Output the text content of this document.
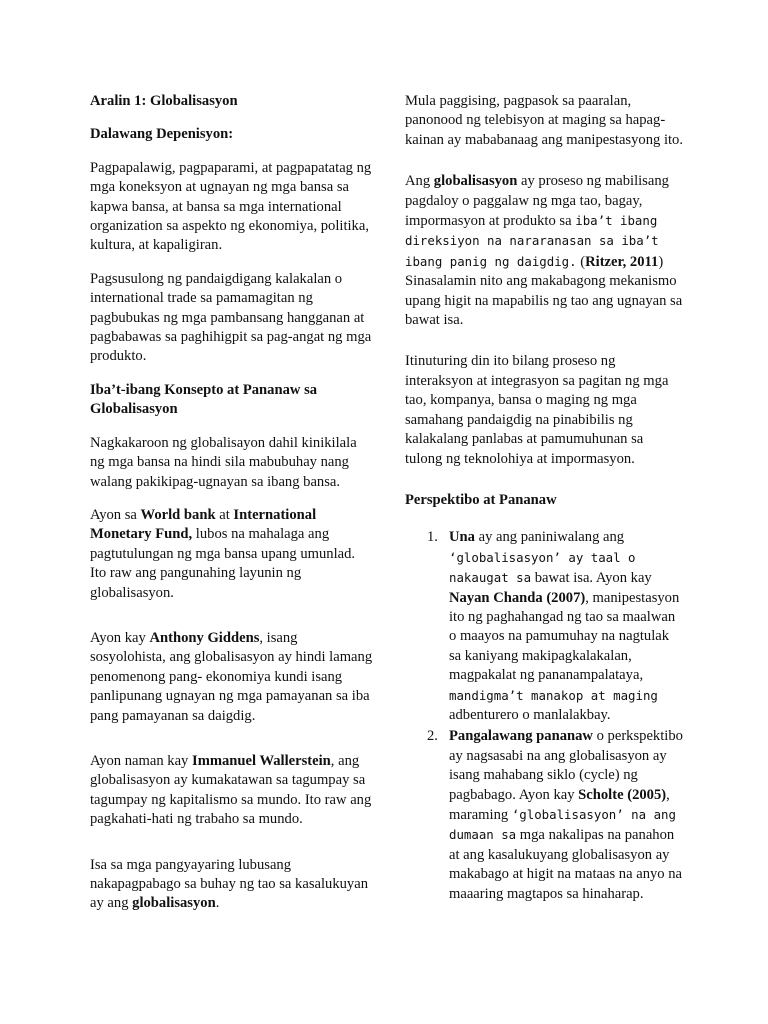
Aralin 1: Globalisasyon
Dalawang Depenisyon:

Pagpapalawig, pagpaparami, at pagpapatatag ng mga koneksyon at ugnayan ng mga bansa sa kapwa bansa, at bansa sa mga international organization sa aspekto ng ekonomiya, politika, kultura, at kapaligiran.

Pagsusulong ng pandaigdigang kalakalan o international trade sa pamamagitan ng pagbubukas ng mga pambansang hangganan at pagbabawas sa paghihigpit sa pag-angat ng mga produkto.

Iba’t-ibang Konsepto at Pananaw sa Globalisasyon

Nagkakaroon ng globalisayon dahil kinikilala ng mga bansa na hindi sila mabubuhay nang walang pakikipag-ugnayan sa ibang bansa.

Ayon sa World bank at International Monetary Fund, lubos na mahalaga ang pagtutulungan ng mga bansa upang umunlad. Ito raw ang pangunahing layunin ng globalisasyon.

Ayon kay Anthony Giddens, isang sosyolohista, ang globalisasyon ay hindi lamang penomenong pang- ekonomiya kundi isang panlipunang ugnayan ng mga pamayanan sa iba pang pamayanan sa daigdig.

Ayon naman kay Immanuel Wallerstein, ang globalisasyon ay kumakatawan sa tagumpay sa tagumpay ng kapitalismo sa mundo. Ito raw ang pagkahati-hati ng trabaho sa mundo.

Isa sa mga pangyayaring lubusang nakapagpabago sa buhay ng tao sa kasalukuyan ay ang globalisasyon.

Mula paggising, pagpasok sa paaralan, panonood ng telebisyon at maging sa hapag-kainan ay mababanaag ang manipestasyong ito.

Ang globalisasyon ay proseso ng mabilisang pagdaloy o paggalaw ng mga tao, bagay, impormasyon at produkto sa iba’t ibang direksiyon na nararanasan sa iba’t ibang panig ng daigdig. (Ritzer, 2011) Sinasalamin nito ang makabagong mekanismo upang higit na mapabilis ng tao ang ugnayan sa bawat isa.

Itinuturing din ito bilang proseso ng interaksyon at integrasyon sa pagitan ng mga tao, kompanya, bansa o maging ng mga samahang pandaigdig na pinabibilis ng kalakalang panlabas at pamumuhunan sa tulong ng teknolohiya at impormasyon.

Perspektibo at Pananaw
1. Una ay ang paniniwalang ang ‘globalisasyon’ ay taal o nakaugat sa bawat isa. Ayon kay Nayan Chanda (2007), manipestasyon ito ng paghahangad ng tao sa maalwan o maayos na pamumuhay na nagtulak sa kaniyang makipagkalakalan, magpakalat ng pananampalataya, mandigma’t manakop at maging adbenturero o manlalakbay.
2. Pangalawang pananaw o perkspektibo ay nagsasabi na ang globalisasyon ay isang mahabang siklo (cycle) ng pagbabago. Ayon kay Scholte (2005), maraming ‘globalisasyon’ na ang dumaan sa mga nakalipas na panahon at ang kasalukuyang globalisasyon ay makabago at higit na mataas na anyo na maaaring magtapos sa hinaharap.
